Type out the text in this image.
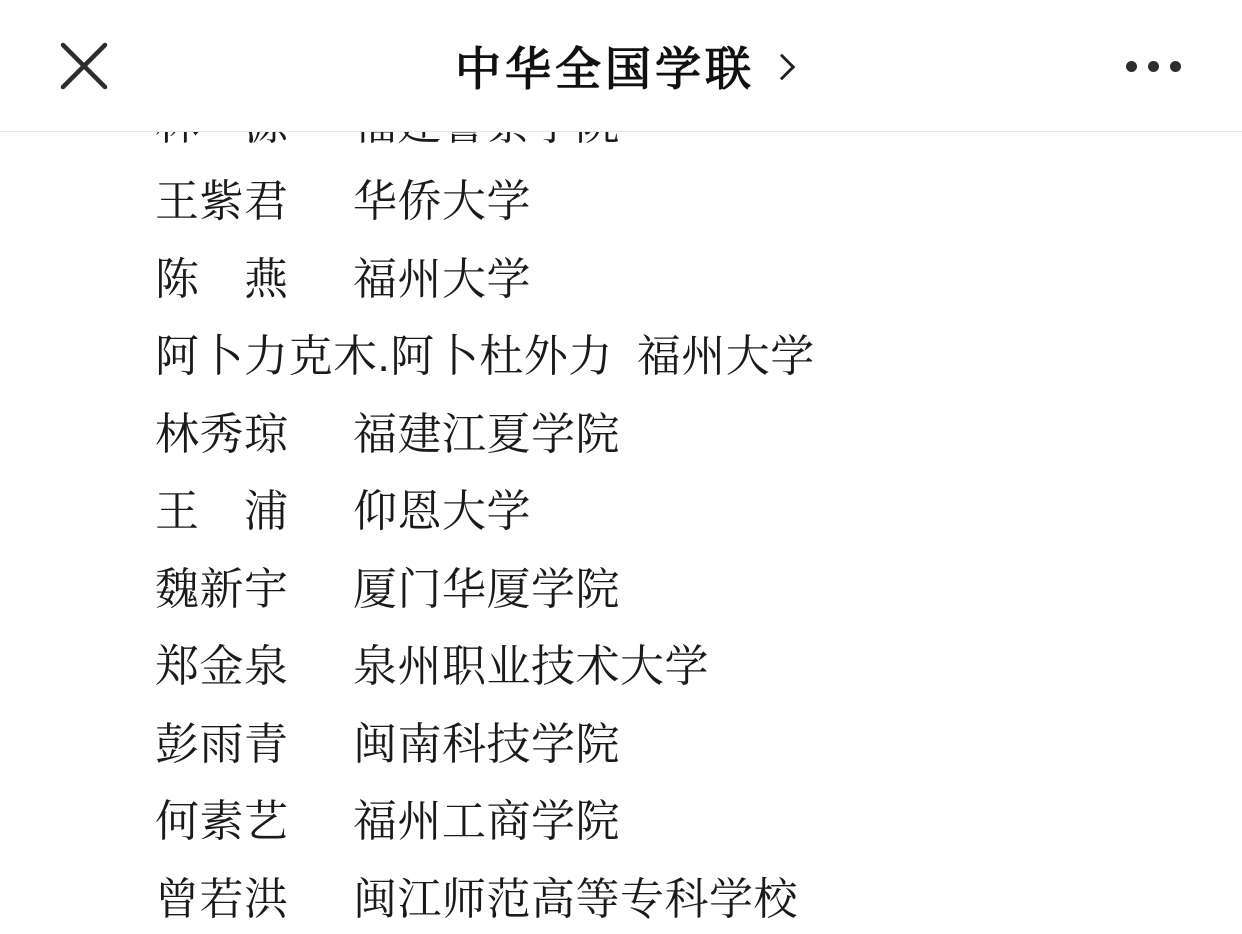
中华全国学联
王紫君	华侨大学
陈　燕	福州大学
阿卜力克木.阿卜杜外力 福州大学
林秀琼	福建江夏学院
王　浦	仰恩大学
魏新宇	厦门华厦学院
郑金泉	泉州职业技术大学
彭雨青	闽南科技学院
何素艺	福州工商学院
曾若洪	闽江师范高等专科学校
